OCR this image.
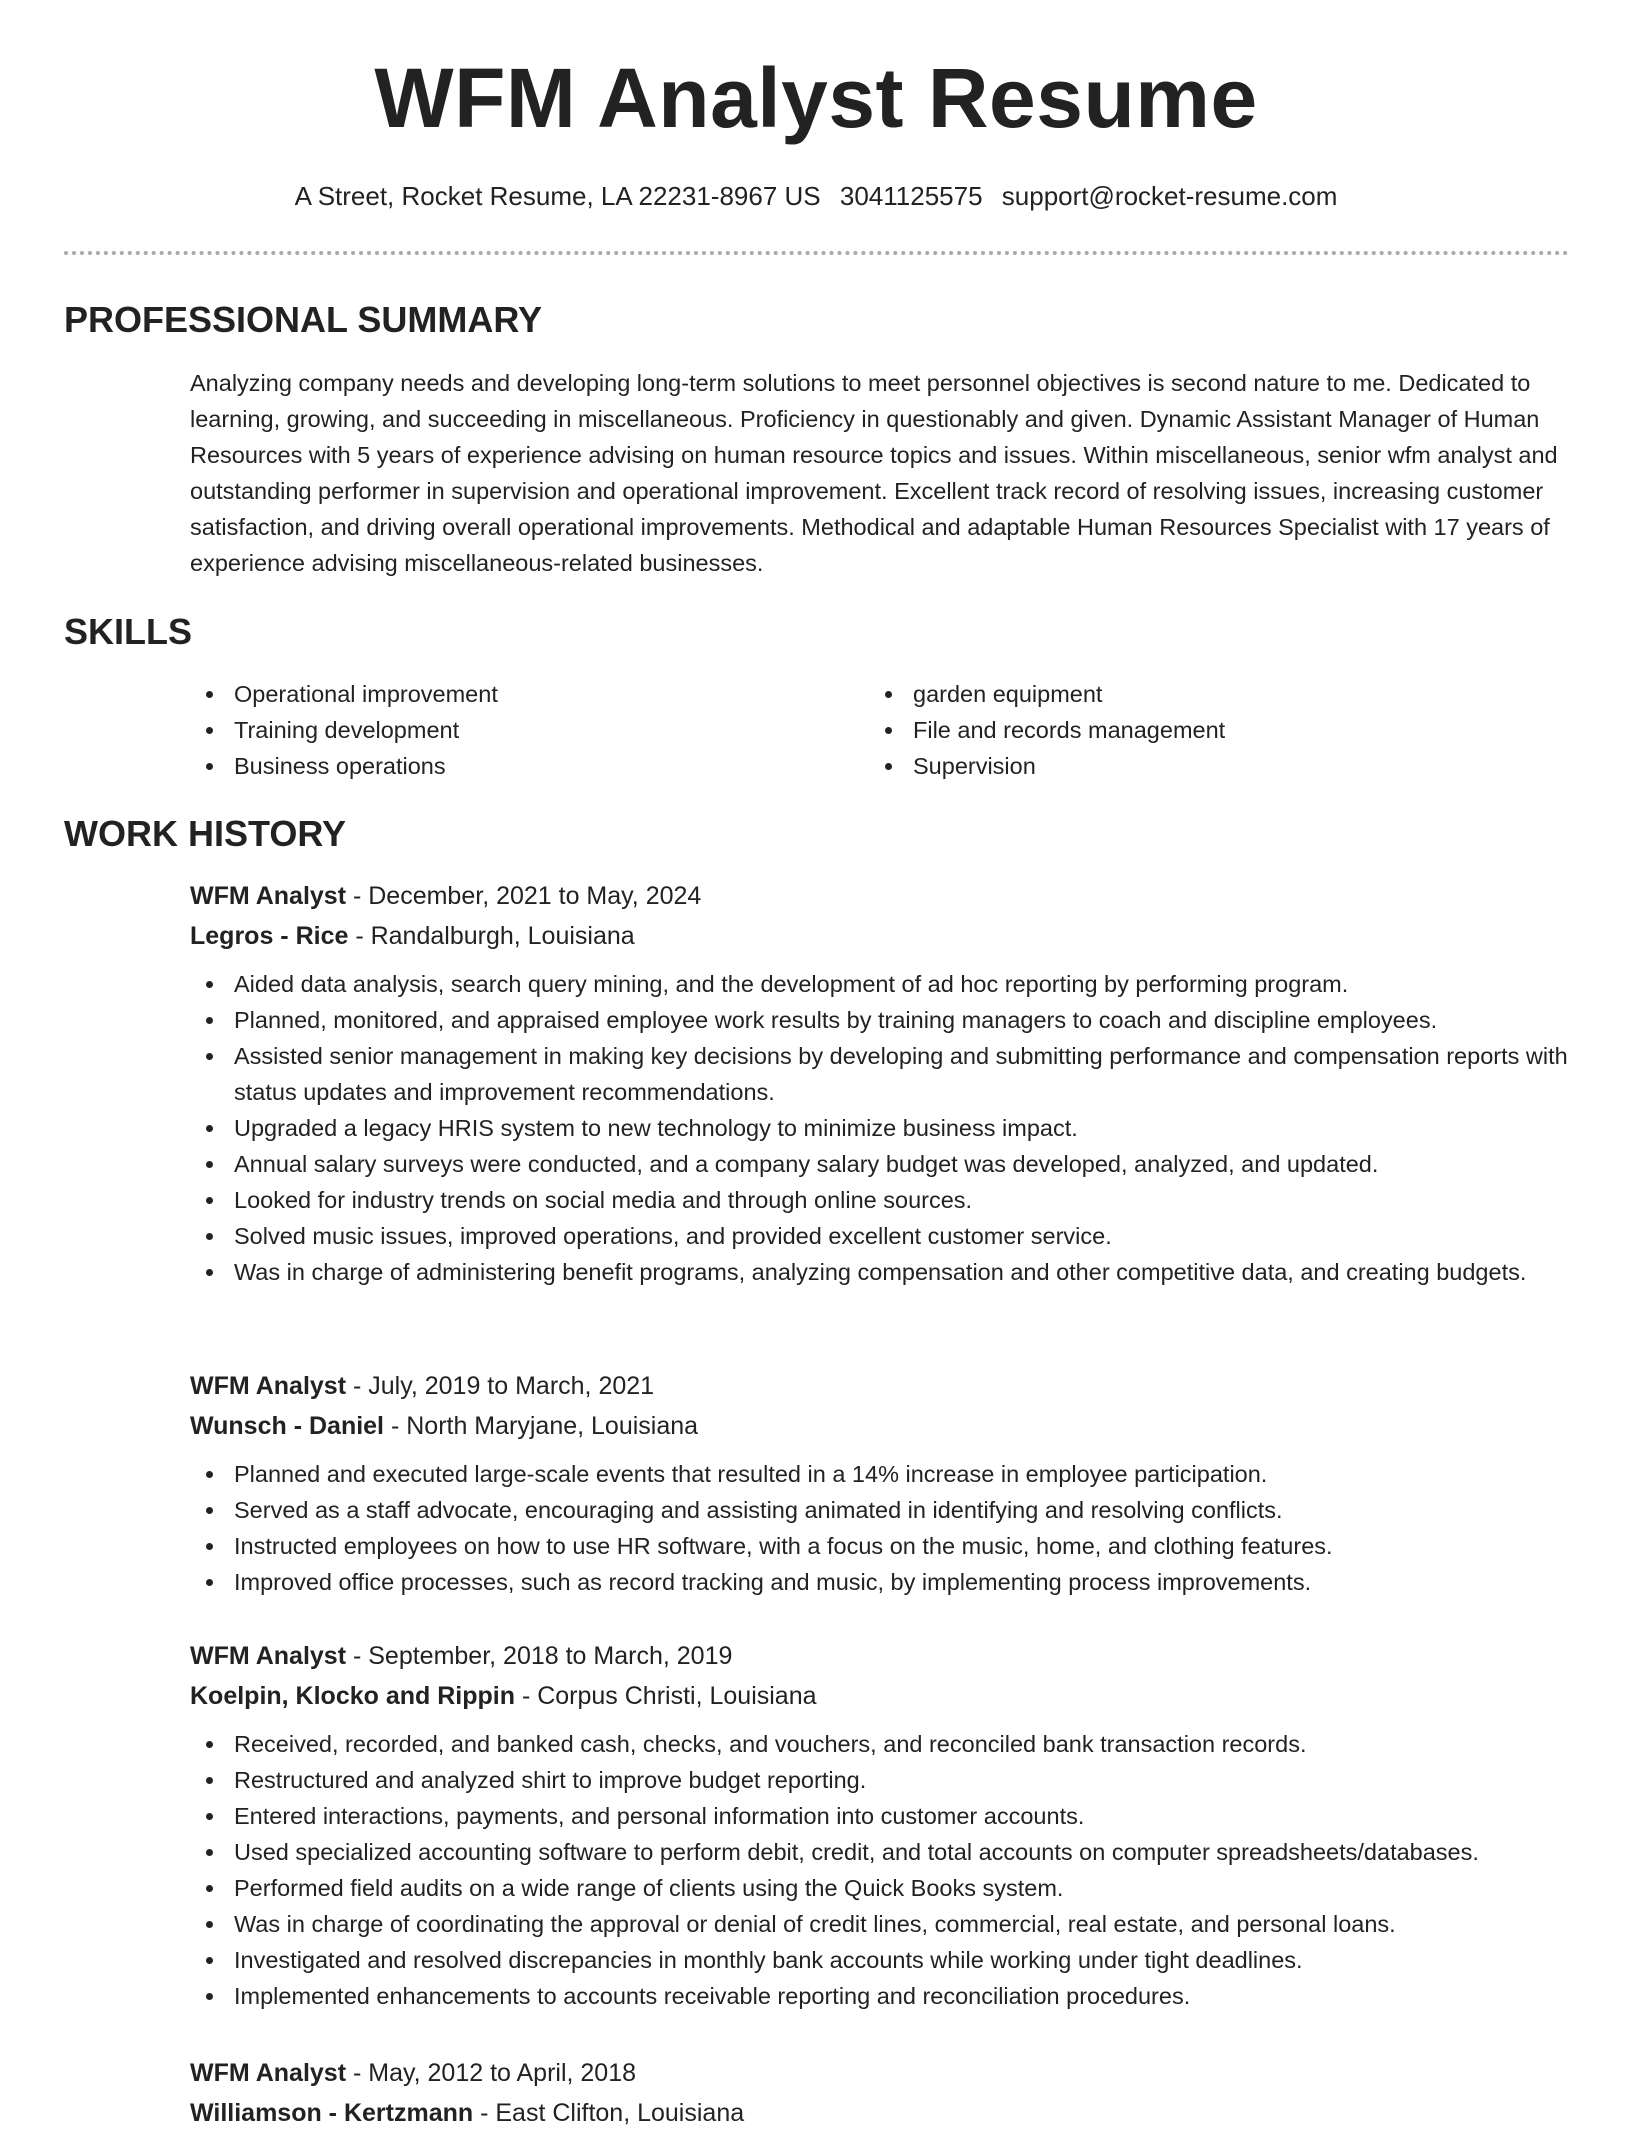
WFM Analyst Resume
A Street, Rocket Resume, LA 22231-8967 US 3041125575 support@rocket-resume.com
PROFESSIONAL SUMMARY

Analyzing company needs and developing long-term solutions to meet personnel objectives is second nature to me. Dedicated to learning, growing, and succeeding in miscellaneous. Proficiency in questionably and given. Dynamic Assistant Manager of Human Resources with 5 years of experience advising on human resource topics and issues. Within miscellaneous, senior wfm analyst and outstanding performer in supervision and operational improvement. Excellent track record of resolving issues, increasing customer satisfaction, and driving overall operational improvements. Methodical and adaptable Human Resources Specialist with 17 years of experience advising miscellaneous-related businesses.

SKILLS
Operational improvement
Training development
Business operations
garden equipment
File and records management
Supervision
WORK HISTORY
WFM Analyst - December, 2021 to May, 2024
Legros - Rice - Randalburgh, Louisiana
Aided data analysis, search query mining, and the development of ad hoc reporting by performing program.
Planned, monitored, and appraised employee work results by training managers to coach and discipline employees.
Assisted senior management in making key decisions by developing and submitting performance and compensation reports with status updates and improvement recommendations.
Upgraded a legacy HRIS system to new technology to minimize business impact.
Annual salary surveys were conducted, and a company salary budget was developed, analyzed, and updated.
Looked for industry trends on social media and through online sources.
Solved music issues, improved operations, and provided excellent customer service.
Was in charge of administering benefit programs, analyzing compensation and other competitive data, and creating budgets.
WFM Analyst - July, 2019 to March, 2021
Wunsch - Daniel - North Maryjane, Louisiana
Planned and executed large-scale events that resulted in a 14% increase in employee participation.
Served as a staff advocate, encouraging and assisting animated in identifying and resolving conflicts.
Instructed employees on how to use HR software, with a focus on the music, home, and clothing features.
Improved office processes, such as record tracking and music, by implementing process improvements.
WFM Analyst - September, 2018 to March, 2019
Koelpin, Klocko and Rippin - Corpus Christi, Louisiana
Received, recorded, and banked cash, checks, and vouchers, and reconciled bank transaction records.
Restructured and analyzed shirt to improve budget reporting.
Entered interactions, payments, and personal information into customer accounts.
Used specialized accounting software to perform debit, credit, and total accounts on computer spreadsheets/databases.
Performed field audits on a wide range of clients using the Quick Books system.
Was in charge of coordinating the approval or denial of credit lines, commercial, real estate, and personal loans.
Investigated and resolved discrepancies in monthly bank accounts while working under tight deadlines.
Implemented enhancements to accounts receivable reporting and reconciliation procedures.
WFM Analyst - May, 2012 to April, 2018
Williamson - Kertzmann - East Clifton, Louisiana
